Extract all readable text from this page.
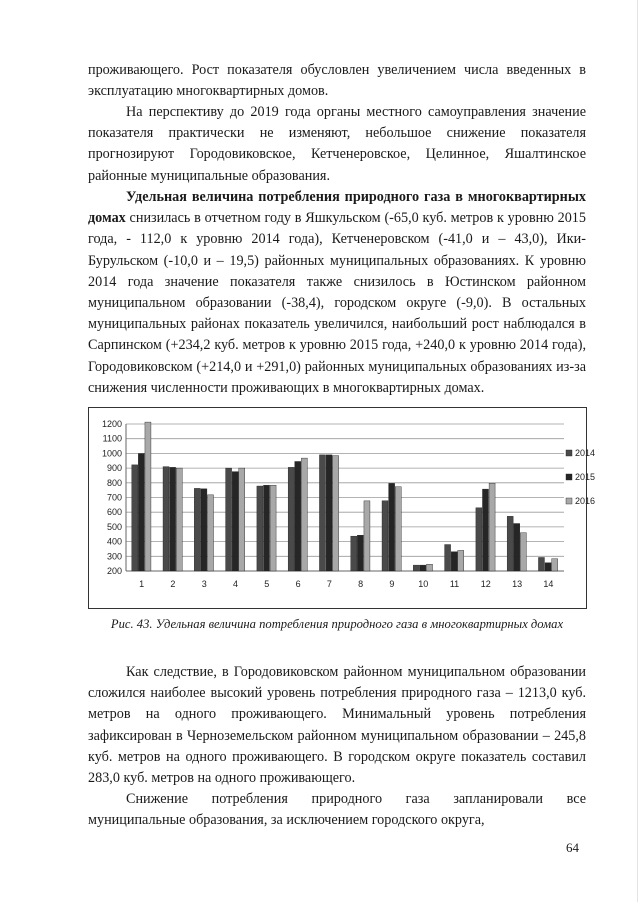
проживающего. Рост показателя обусловлен увеличением числа введенных в эксплуатацию многоквартирных домов.

На перспективу до 2019 года органы местного самоуправления значение показателя практически не изменяют, небольшое снижение показателя прогнозируют Городовиковское, Кетченеровское, Целинное, Яшалтинское районные муниципальные образования.

Удельная величина потребления природного газа в многоквартирных домах снизилась в отчетном году в Яшкульском (-65,0 куб. метров к уровню 2015 года, - 112,0 к уровню 2014 года), Кетченеровском (-41,0 и – 43,0), Ики-Бурульском (-10,0 и – 19,5) районных муниципальных образованиях. К уровню 2014 года значение показателя также снизилось в Юстинском районном муниципальном образовании (-38,4), городском округе (-9,0). В остальных муниципальных районах показатель увеличился, наибольший рост наблюдался в Сарпинском (+234,2 куб. метров к уровню 2015 года, +240,0 к уровню 2014 года), Городовиковском (+214,0 и +291,0) районных муниципальных образованиях из-за снижения численности проживающих в многоквартирных домах.

200
300
400
500
600
700
800
900
1000
1100
1200
1	2	3	4	5	6	7	8	9	10 11 12 13 14
2014
2015
2016

Рис. 43. Удельная величина потребления природного газа в многоквартирных домах

Как следствие, в Городовиковском районном муниципальном образовании сложился наиболее высокий уровень потребления природного газа – 1213,0 куб. метров на одного проживающего. Минимальный уровень потребления зафиксирован в Черноземельском районном муниципальном образовании – 245,8 куб. метров на одного проживающего. В городском округе показатель составил 283,0 куб. метров на одного проживающего.

Снижение потребления природного газа запланировали все муниципальные образования, за исключением городского округа,

64
